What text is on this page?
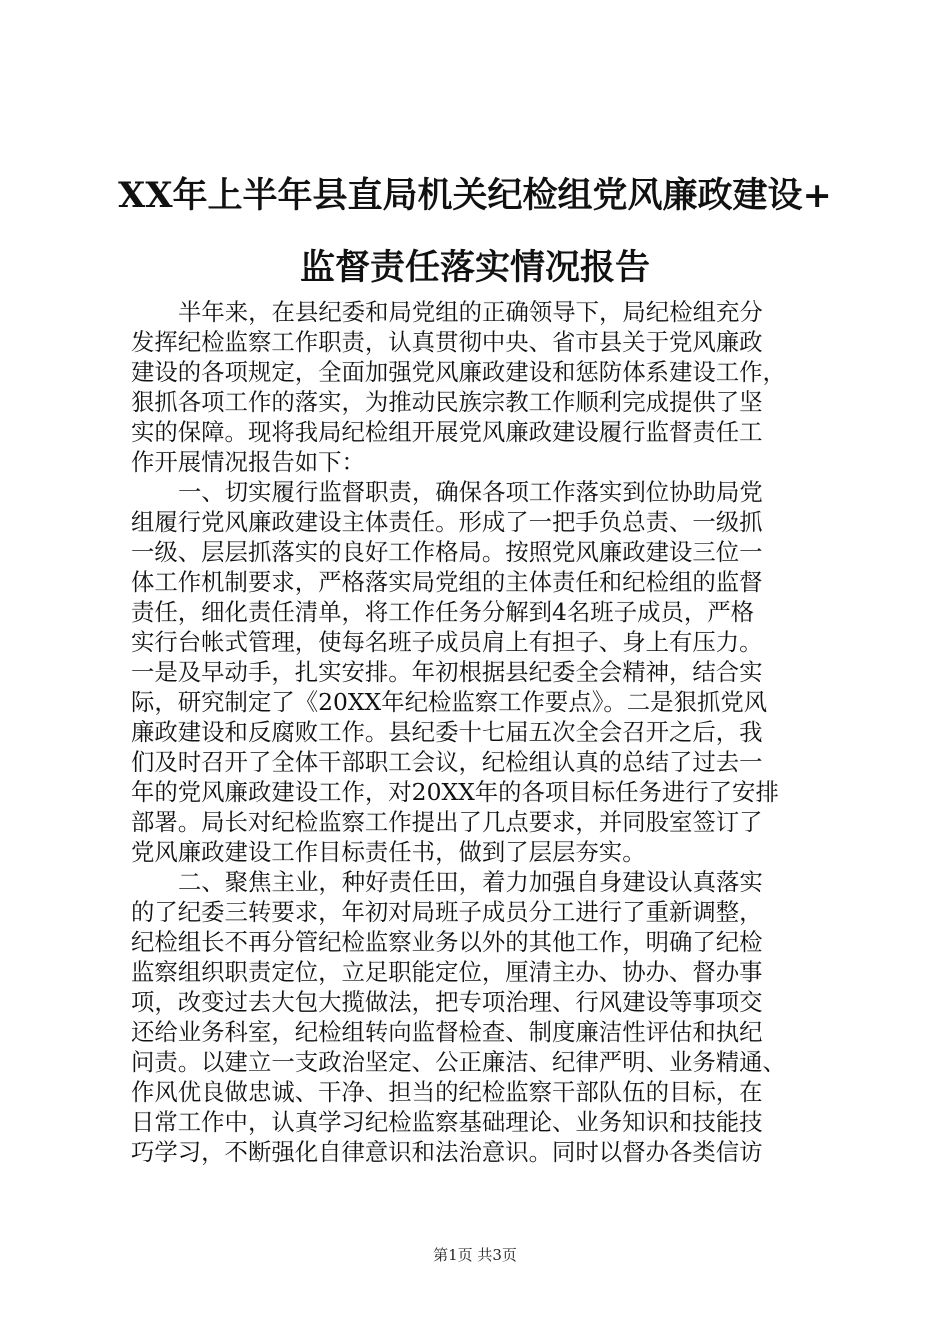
XX年上半年县直局机关纪检组党风廉政建设+
监督责任落实情况报告
半年来，在县纪委和局党组的正确领导下，局纪检组充分
发挥纪检监察工作职责，认真贯彻中央、省市县关于党风廉政
建设的各项规定，全面加强党风廉政建设和惩防体系建设工作，
狠抓各项工作的落实，为推动民族宗教工作顺利完成提供了坚
实的保障。现将我局纪检组开展党风廉政建设履行监督责任工
作开展情况报告如下：
一、切实履行监督职责，确保各项工作落实到位协助局党
组履行党风廉政建设主体责任。形成了一把手负总责、一级抓
一级、层层抓落实的良好工作格局。按照党风廉政建设三位一
体工作机制要求，严格落实局党组的主体责任和纪检组的监督
责任，细化责任清单，将工作任务分解到4名班子成员，严格
实行台帐式管理，使每名班子成员肩上有担子、身上有压力。
一是及早动手，扎实安排。年初根据县纪委全会精神，结合实
际，研究制定了《20XX年纪检监察工作要点》。二是狠抓党风
廉政建设和反腐败工作。县纪委十七届五次全会召开之后，我
们及时召开了全体干部职工会议，纪检组认真的总结了过去一
年的党风廉政建设工作，对20XX年的各项目标任务进行了安排
部署。局长对纪检监察工作提出了几点要求，并同股室签订了
党风廉政建设工作目标责任书，做到了层层夯实。
二、聚焦主业，种好责任田，着力加强自身建设认真落实
的了纪委三转要求，年初对局班子成员分工进行了重新调整，
纪检组长不再分管纪检监察业务以外的其他工作，明确了纪检
监察组织职责定位，立足职能定位，厘清主办、协办、督办事
项，改变过去大包大揽做法，把专项治理、行风建设等事项交
还给业务科室，纪检组转向监督检查、制度廉洁性评估和执纪
问责。以建立一支政治坚定、公正廉洁、纪律严明、业务精通、
作风优良做忠诚、干净、担当的纪检监察干部队伍的目标，在
日常工作中，认真学习纪检监察基础理论、业务知识和技能技
巧学习，不断强化自律意识和法治意识。同时以督办各类信访
第1页 共3页
